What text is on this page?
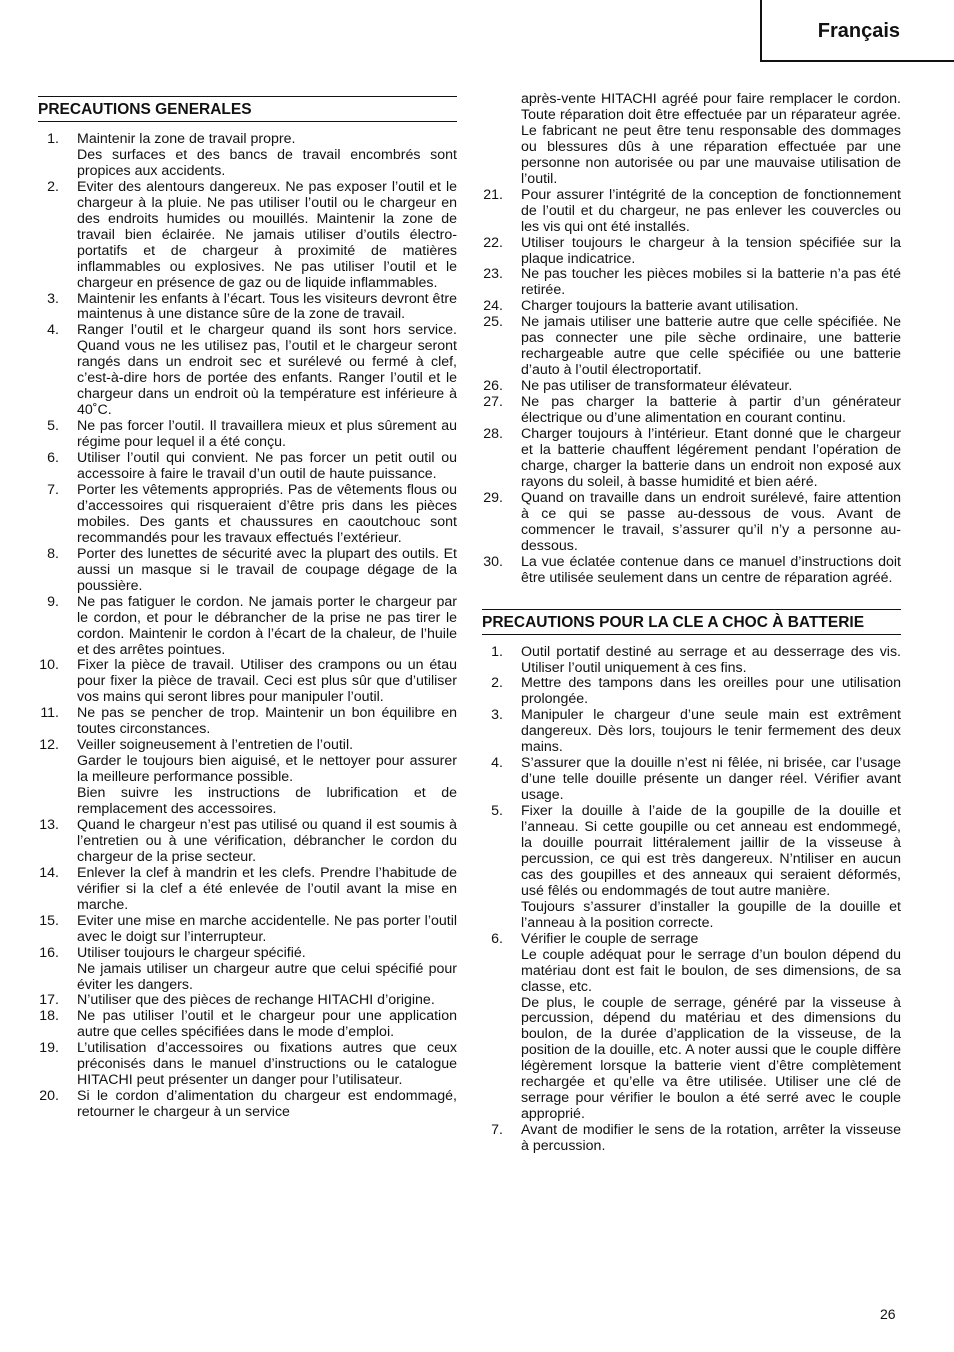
Français
PRECAUTIONS GENERALES
1. Maintenir la zone de travail propre.
Des surfaces et des bancs de travail encombrés sont propices aux accidents.
2. Eviter des alentours dangereux. Ne pas exposer l’outil et le chargeur à la pluie. Ne pas utiliser l’outil ou le chargeur en des endroits humides ou mouillés. Maintenir la zone de travail bien éclairée. Ne jamais utiliser d’outils électro-portatifs et de chargeur à proximité de matières inflammables ou explosives. Ne pas utiliser l’outil et le chargeur en présence de gaz ou de liquide inflammables.
3. Maintenir les enfants à l’écart. Tous les visiteurs devront être maintenus à une distance sûre de la zone de travail.
4. Ranger l’outil et le chargeur quand ils sont hors service. Quand vous ne les utilisez pas, l’outil et le chargeur seront rangés dans un endroit sec et surélevé ou fermé à clef, c’est-à-dire hors de portée des enfants. Ranger l’outil et le chargeur dans un endroit où la température est inférieure à 40˚C.
5. Ne pas forcer l’outil. Il travaillera mieux et plus sûrement au régime pour lequel il a été conçu.
6. Utiliser l’outil qui convient. Ne pas forcer un petit outil ou accessoire à faire le travail d’un outil de haute puissance.
7. Porter les vêtements appropriés. Pas de vêtements flous ou d’accessoires qui risqueraient d’être pris dans les pièces mobiles. Des gants et chaussures en caoutchouc sont recommandés pour les travaux effectués l’extérieur.
8. Porter des lunettes de sécurité avec la plupart des outils. Et aussi un masque si le travail de coupage dégage de la poussière.
9. Ne pas fatiguer le cordon. Ne jamais porter le chargeur par le cordon, et pour le débrancher de la prise ne pas tirer le cordon. Maintenir le cordon à l’écart de la chaleur, de l’huile et des arrêtes pointues.
10. Fixer la pièce de travail. Utiliser des crampons ou un étau pour fixer la pièce de travail. Ceci est plus sûr que d’utiliser vos mains qui seront libres pour manipuler l’outil.
11. Ne pas se pencher de trop. Maintenir un bon équilibre en toutes circonstances.
12. Veiller soigneusement à l’entretien de l’outil.
Garder le toujours bien aiguisé, et le nettoyer pour assurer la meilleure performance possible.
Bien suivre les instructions de lubrification et de remplacement des accessoires.
13. Quand le chargeur n’est pas utilisé ou quand il est soumis à l’entretien ou à une vérification, débrancher le cordon du chargeur de la prise secteur.
14. Enlever la clef à mandrin et les clefs. Prendre l’habitude de vérifier si la clef a été enlevée de l’outil avant la mise en marche.
15. Eviter une mise en marche accidentelle. Ne pas porter l’outil avec le doigt sur l’interrupteur.
16. Utiliser toujours le chargeur spécifié.
Ne jamais utiliser un chargeur autre que celui spécifié pour éviter les dangers.
17. N’utiliser que des pièces de rechange HITACHI d’origine.
18. Ne pas utiliser l’outil et le chargeur pour une application autre que celles spécifiées dans le mode d’emploi.
19. L’utilisation d’accessoires ou fixations autres que ceux préconisés dans le manuel d’instructions ou le catalogue HITACHI peut présenter un danger pour l’utilisateur.
20. Si le cordon d’alimentation du chargeur est endommagé, retourner le chargeur à un service
après-vente HITACHI agréé pour faire remplacer le cordon. Toute réparation doit être effectuée par un réparateur agrée. Le fabricant ne peut être tenu responsable des dommages ou blessures dûs à une réparation effectuée par une personne non autorisée ou par une mauvaise utilisation de l’outil.
21. Pour assurer l’intégrité de la conception de fonctionnement de l’outil et du chargeur, ne pas enlever les couvercles ou les vis qui ont été installés.
22. Utiliser toujours le chargeur à la tension spécifiée sur la plaque indicatrice.
23. Ne pas toucher les pièces mobiles si la batterie n’a pas été retirée.
24. Charger toujours la batterie avant utilisation.
25. Ne jamais utiliser une batterie autre que celle spécifiée. Ne pas connecter une pile sèche ordinaire, une batterie rechargeable autre que celle spécifiée ou une batterie d’auto à l’outil électroportatif.
26. Ne pas utiliser de transformateur élévateur.
27. Ne pas charger la batterie à partir d’un générateur électrique ou d’une alimentation en courant continu.
28. Charger toujours à l’intérieur. Etant donné que le chargeur et la batterie chauffent légérement pendant l’opération de charge, charger la batterie dans un endroit non exposé aux rayons du soleil, à basse humidité et bien aéré.
29. Quand on travaille dans un endroit surélevé, faire attention à ce qui se passe au-dessous de vous. Avant de commencer le travail, s’assurer qu’il n’y a personne au-dessous.
30. La vue éclatée contenue dans ce manuel d’instructions doit être utilisée seulement dans un centre de réparation agréé.
PRECAUTIONS POUR LA CLE A CHOC À BATTERIE
1. Outil portatif destiné au serrage et au desserrage des vis. Utiliser l’outil uniquement à ces fins.
2. Mettre des tampons dans les oreilles pour une utilisation prolongée.
3. Manipuler le chargeur d’une seule main est extrêment dangereux. Dès lors, toujours le tenir fermement des deux mains.
4. S’assurer que la douille n’est ni fêlée, ni brisée, car l’usage d’une telle douille présente un danger réel. Vérifier avant usage.
5. Fixer la douille à l’aide de la goupille de la douille et l’anneau. Si cette goupille ou cet anneau est endommegé, la douille pourrait littéralement jaillir de la visseuse à percussion, ce qui est très dangereux. N’ntiliser en aucun cas des goupilles et des anneaux qui seraient déformés, usé fêlés ou endommagés de tout autre manière.
Toujours s’assurer d’installer la goupille de la douille et l’anneau à la position correcte.
6. Vérifier le couple de serrage
Le couple adéquat pour le serrage d’un boulon dépend du matériau dont est fait le boulon, de ses dimensions, de sa classe, etc.
De plus, le couple de serrage, généré par la visseuse à percussion, dépend du matériau et des dimensions du boulon, de la durée d’application de la visseuse, de la position de la douille, etc. A noter aussi que le couple diffère légèrement lorsque la batterie vient d’être complètement rechargée et qu’elle va être utilisée. Utiliser une clé de serrage pour vérifier le boulon a été serré avec le couple approprié.
7. Avant de modifier le sens de la rotation, arrêter la visseuse à percussion.
26
